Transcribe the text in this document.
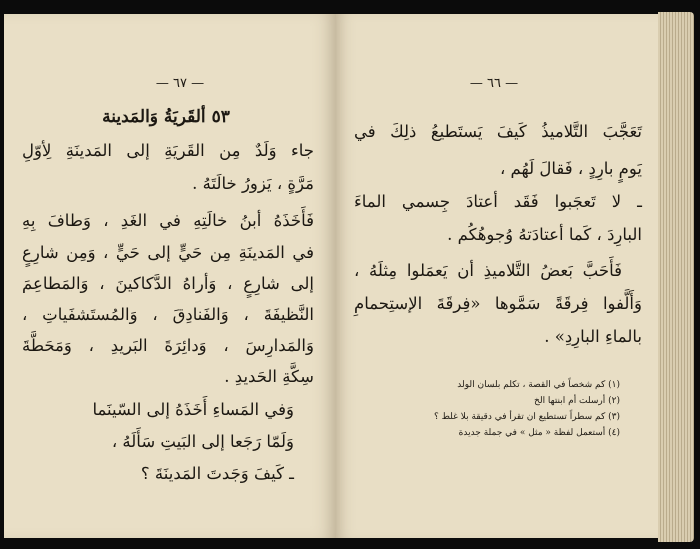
— ٦٧ —
٥٣ ألقَريَةُ وَالمَدينة
جاء وَلَدٌ مِن القَريَةِ إلى المَدينَةِ لِأوّلِ
مَرَّةٍ ، يَزورُ خالَتَهُ .
فَأَخَذَهُ أبنُ خالَتِهِ في الغَدِ ، وَطافَ بِهِ
في المَدينَةِ مِن حَيٍّ إلى حَيٍّ ، وَمِن شارِعٍ
إلى شارِعٍ ، وَأراهُ الدَّكاكينَ ، وَالمَطاعِمَ
النَّظيفَةَ ، وَالفَنادِقَ ، وَالمُستَشفَياتِ ،
وَالمَدارِسَ ، وَدائِرَةَ البَريدِ ، وَمَحَطَّةَ
سِكَّةِ الحَديدِ .
وَفي المَساءِ أَخَذَهُ إلى السّينَما
وَلَمّا رَجَعا إلى البَيتِ سَأَلَهُ ،
ـ كَيفَ وَجَدتَ المَدينَةَ ؟
— ٦٦ —
تَعَجَّبَ التَّلاميذُ كَيفَ يَستَطيعُ ذلِكَ في
يَومٍ بارِدٍ ، فَقالَ لَهُم ،
ـ لا تَعجَبوا فَقَد أعتادَ جِسمي الماءَ
البارِدَ ، كَما أعتادَتهُ وُجوهُكُم .
فَأَحَبَّ بَعضُ التَّلاميذِ أن يَعمَلوا مِثلَهُ ،
وَأَلَّفوا فِرقَةً سَمَّوها «فِرقَةَ الإستِحمامِ
بالماءِ البارِدِ» .
(١) كم شخصاً في القصة ، تكلم بلسان الولد
(٢) أرسلت أم ابنتها الخ
(٣) كم سطراً تستطيع ان تقرأ في دقيقة بلا غلط ؟
(٤) أستعمل لفظة « مثل » في جملة جديدة
